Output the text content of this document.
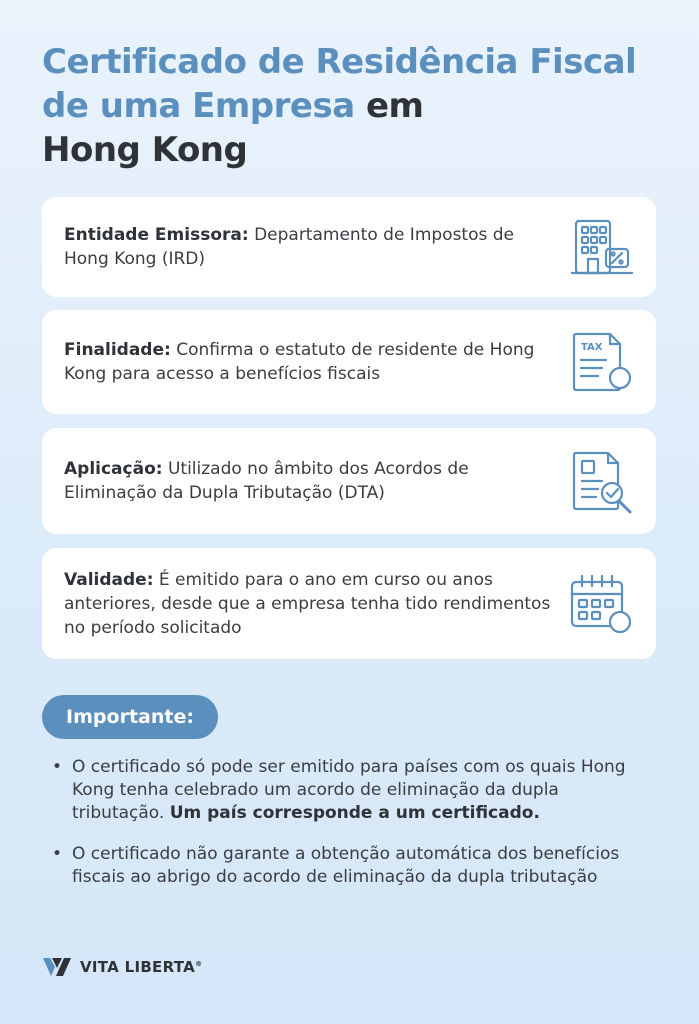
Certificado de Residência Fiscal de uma Empresa em
Hong Kong

Entidade Emissora: Departamento de Impostos de Hong Kong (IRD)

Finalidade: Confirma o estatuto de residente de Hong Kong para acesso a benefícios fiscais

TAX

Aplicação: Utilizado no âmbito dos Acordos de Eliminação da Dupla Tributação (DTA)

Validade: É emitido para o ano em curso ou anos anteriores, desde que a empresa tenha tido rendimentos no período solicitado

Importante:
• O certificado só pode ser emitido para países com os quais Hong Kong tenha celebrado um acordo de eliminação da dupla tributação. Um país corresponde a um certificado.
• O certificado não garante a obtenção automática dos benefícios fiscais ao abrigo do acordo de eliminação da dupla tributação
VITA LIBERTA®
